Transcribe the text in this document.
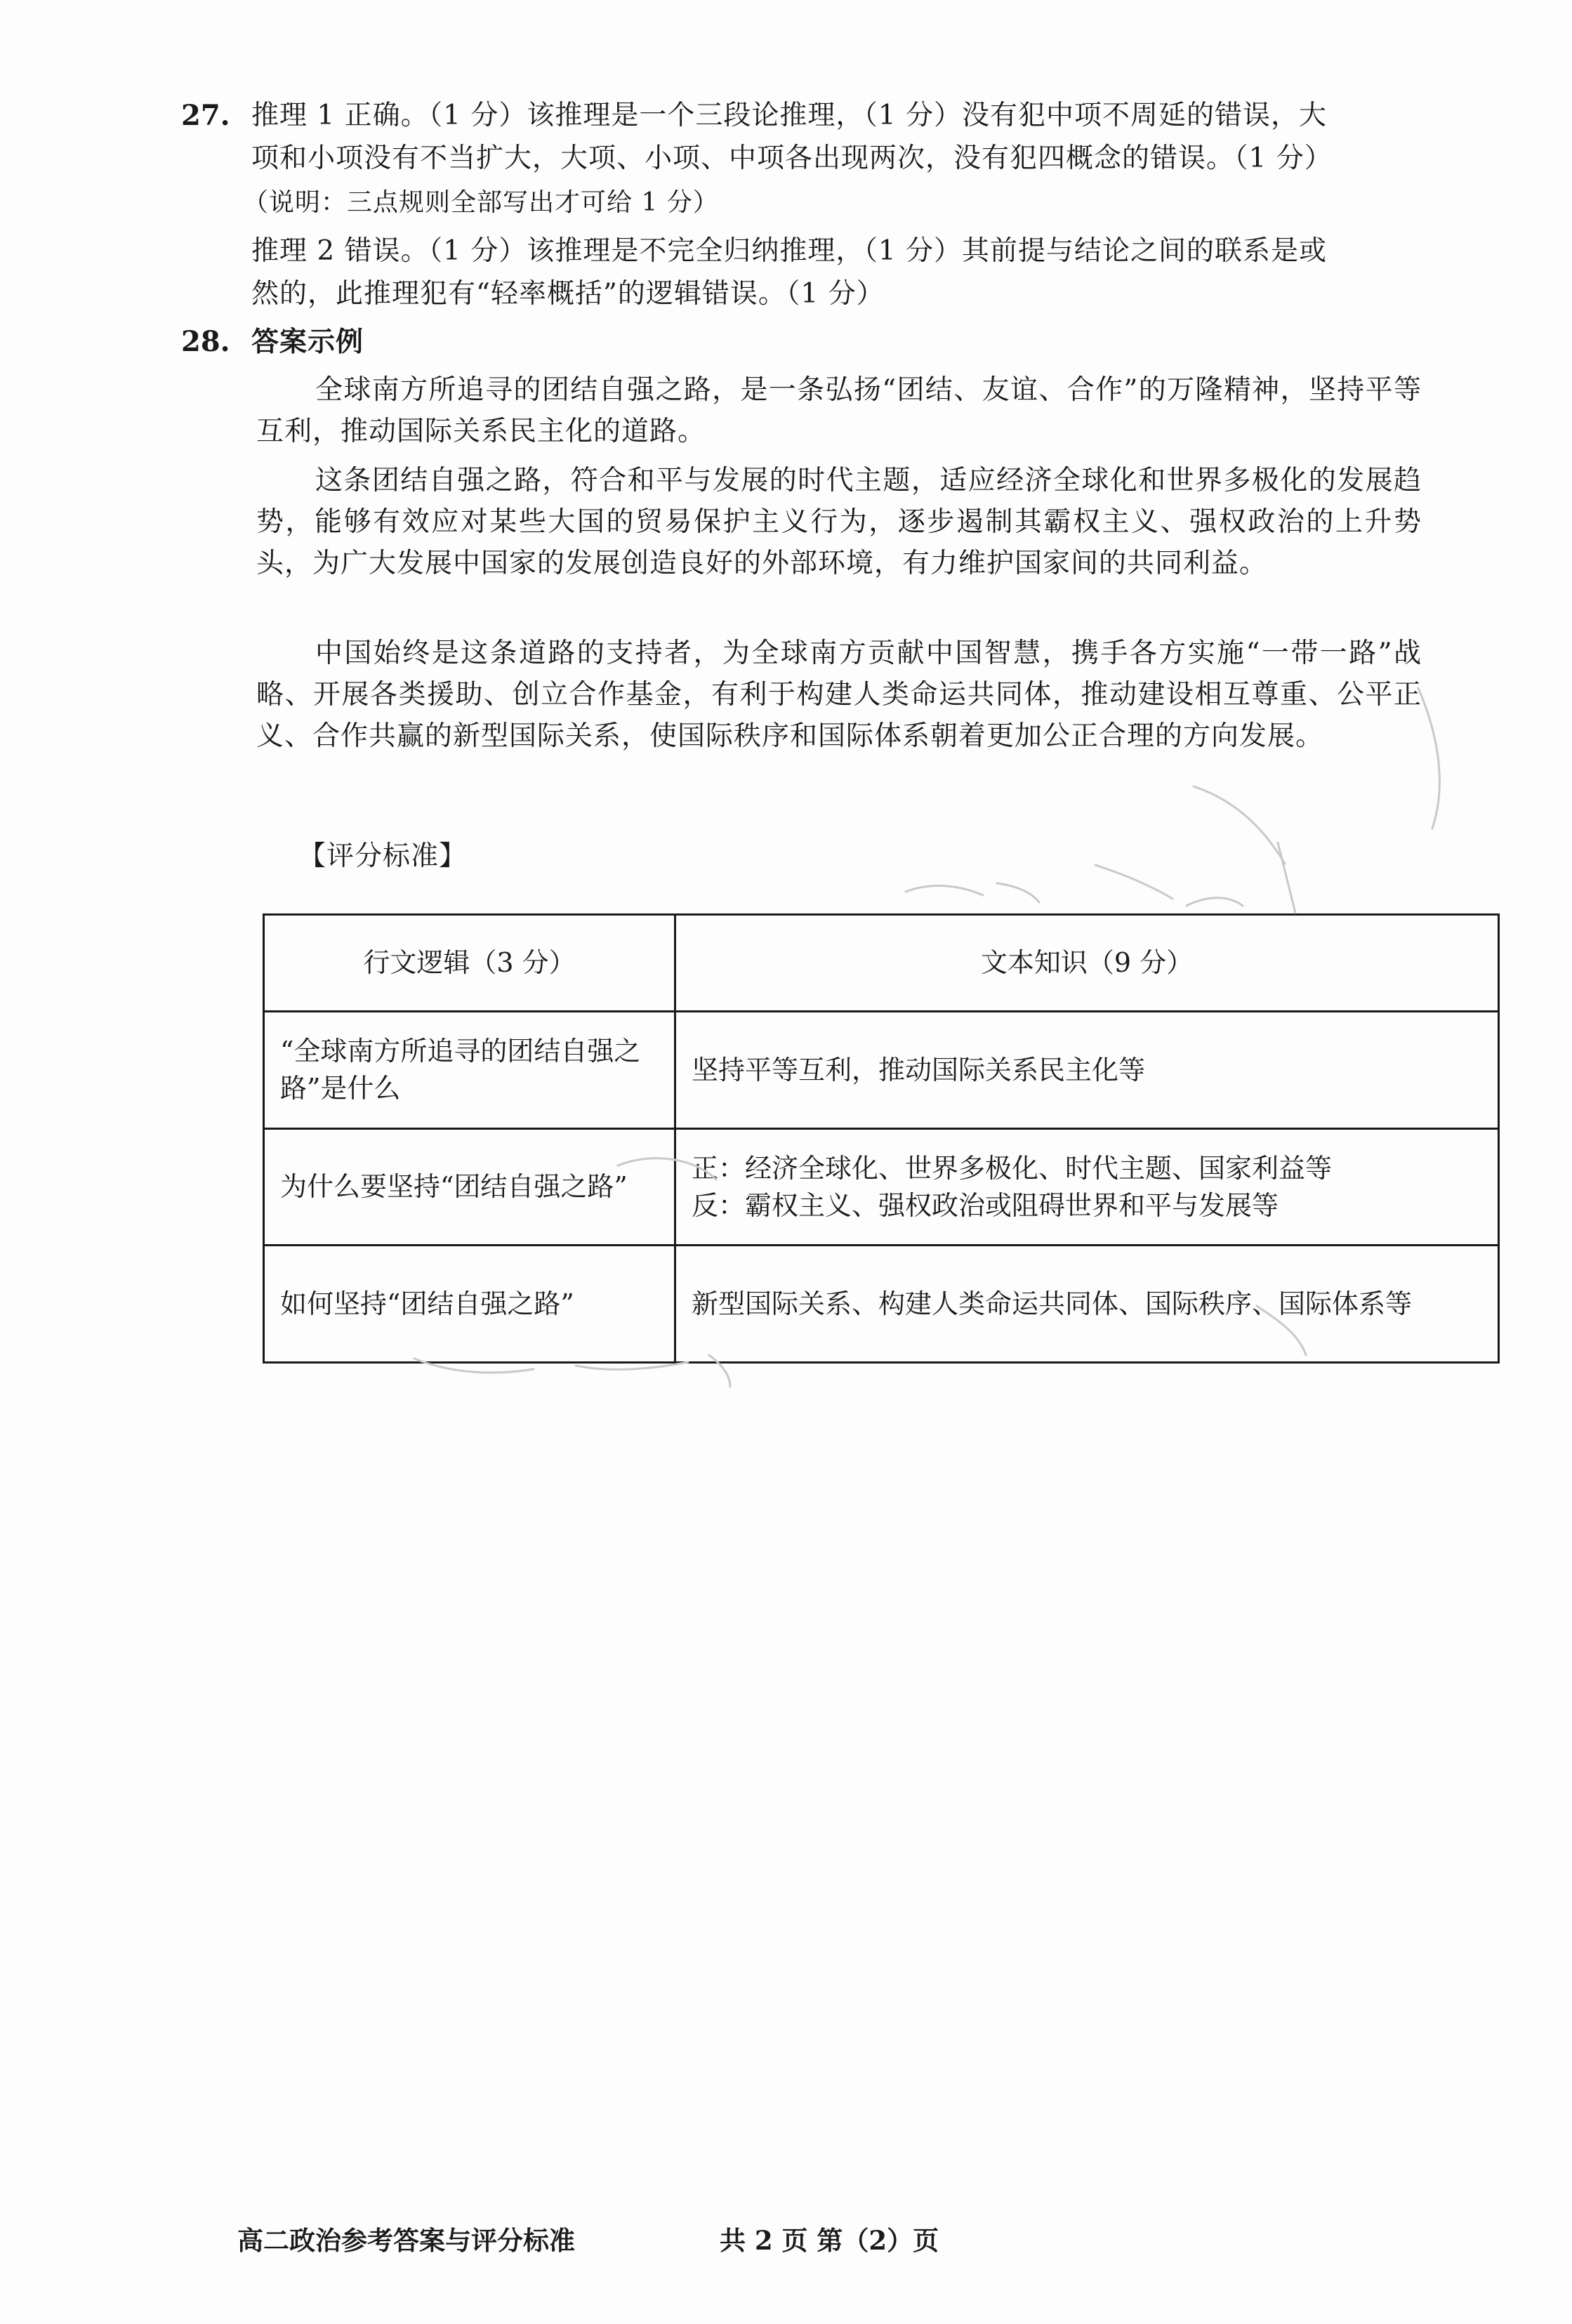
27. 推理 1 正确。（1 分）该推理是一个三段论推理，（1 分）没有犯中项不周延的错误，大
项和小项没有不当扩大，大项、小项、中项各出现两次，没有犯四概念的错误。（1 分）
（说明：三点规则全部写出才可给 1 分）
推理 2 错误。（1 分）该推理是不完全归纳推理，（1 分）其前提与结论之间的联系是或
然的，此推理犯有“轻率概括”的逻辑错误。（1 分）
28. 答案示例

全球南方所追寻的团结自强之路，是一条弘扬“团结、友谊、合作”的万隆精神，坚持平等互利，推动国际关系民主化的道路。

这条团结自强之路，符合和平与发展的时代主题，适应经济全球化和世界多极化的发展趋势，能够有效应对某些大国的贸易保护主义行为，逐步遏制其霸权主义、强权政治的上升势头，为广大发展中国家的发展创造良好的外部环境，有力维护国家间的共同利益。

中国始终是这条道路的支持者，为全球南方贡献中国智慧，携手各方实施“一带一路”战略、开展各类援助、创立合作基金，有利于构建人类命运共同体，推动建设相互尊重、公平正义、合作共赢的新型国际关系，使国际秩序和国际体系朝着更加公正合理的方向发展。

【评分标准】
行文逻辑（3 分）	文本知识（9 分）
“全球南方所追寻的团结自强之路”是什么	坚持平等互利，推动国际关系民主化等

为什么要坚持“团结自强之路”	正：经济全球化、世界多极化、时代主题、国家利益等
反：霸权主义、强权政治或阻碍世界和平与发展等

如何坚持“团结自强之路”	新型国际关系、构建人类命运共同体、国际秩序、国际体系等
高二政治参考答案与评分标准	共 2 页 第（2）页
